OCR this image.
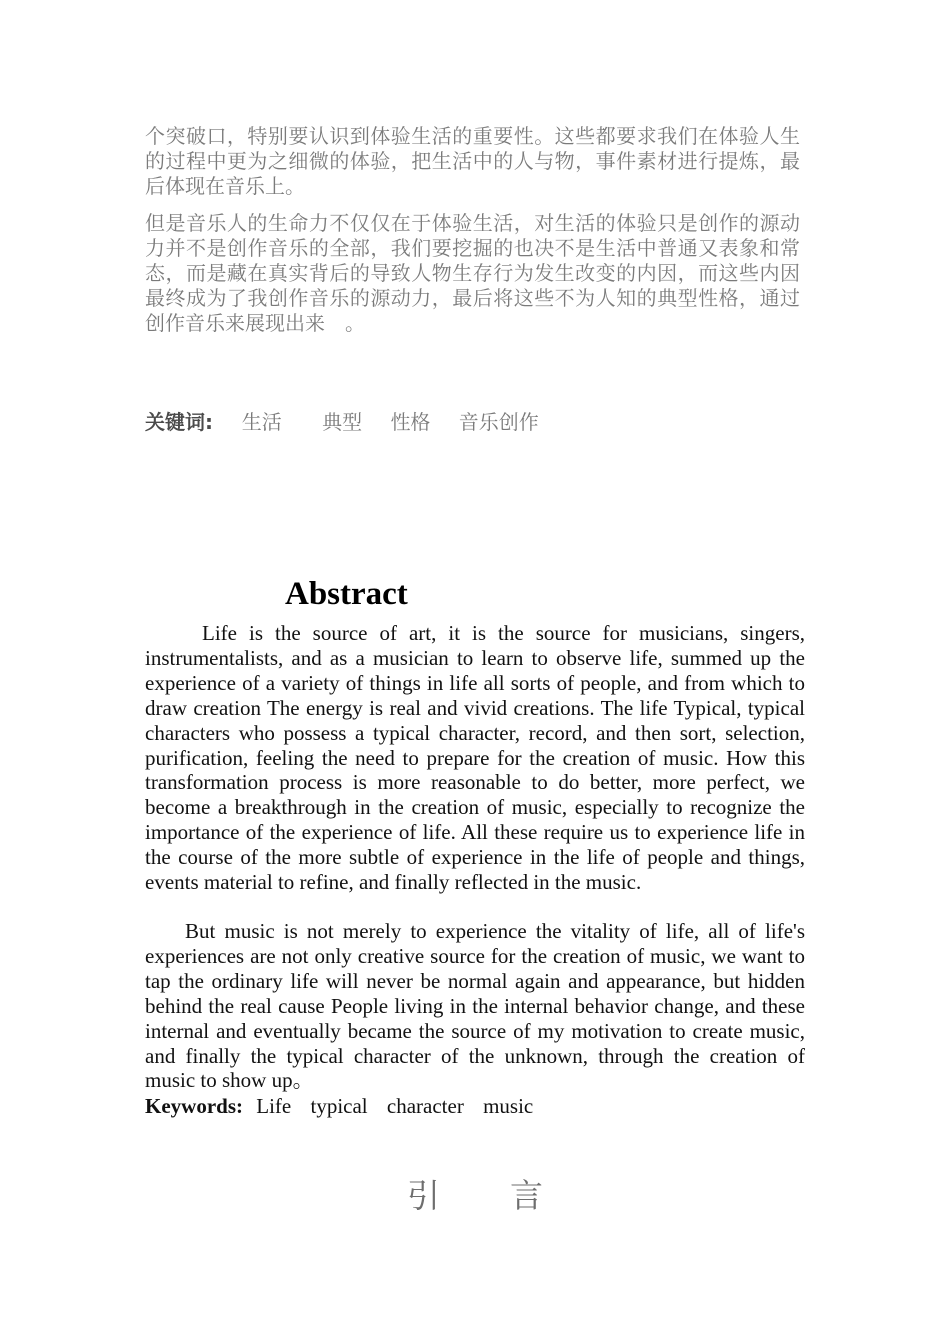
个突破口，特别要认识到体验生活的重要性。这些都要求我们在体验人生的过程中更为之细微的体验，把生活中的人与物，事件素材进行提炼，最后体现在音乐上。

但是音乐人的生命力不仅仅在于体验生活，对生活的体验只是创作的源动力并不是创作音乐的全部，我们要挖掘的也决不是生活中普通又表象和常态，而是藏在真实背后的导致人物生存行为发生改变的内因，而这些内因最终成为了我创作音乐的源动力，最后将这些不为人知的典型性格，通过创作音乐来展现出来　。

关键词: 生活 典型 性格 音乐创作
Abstract

Life is the source of art, it is the source for musicians, singers, instrumentalists, and as a musician to learn to observe life, summed up the experience of a variety of things in life all sorts of people, and from which to draw creation The energy is real and vivid creations. The life Typical, typical characters who possess a typical character, record, and then sort, selection, purification, feeling the need to prepare for the creation of music. How this transformation process is more reasonable to do better, more perfect, we become a breakthrough in the creation of music, especially to recognize the importance of the experience of life. All these require us to experience life in the course of the more subtle of experience in the life of people and things, events material to refine, and finally reflected in the music.

But music is not merely to experience the vitality of life, all of life's experiences are not only creative source for the creation of music, we want to tap the ordinary life will never be normal again and appearance, but hidden behind the real cause People living in the internal behavior change, and these internal and eventually became the source of my motivation to create music, and finally the typical character of the unknown, through the creation of music to show up。

Keywords: Life typical character music
引言
